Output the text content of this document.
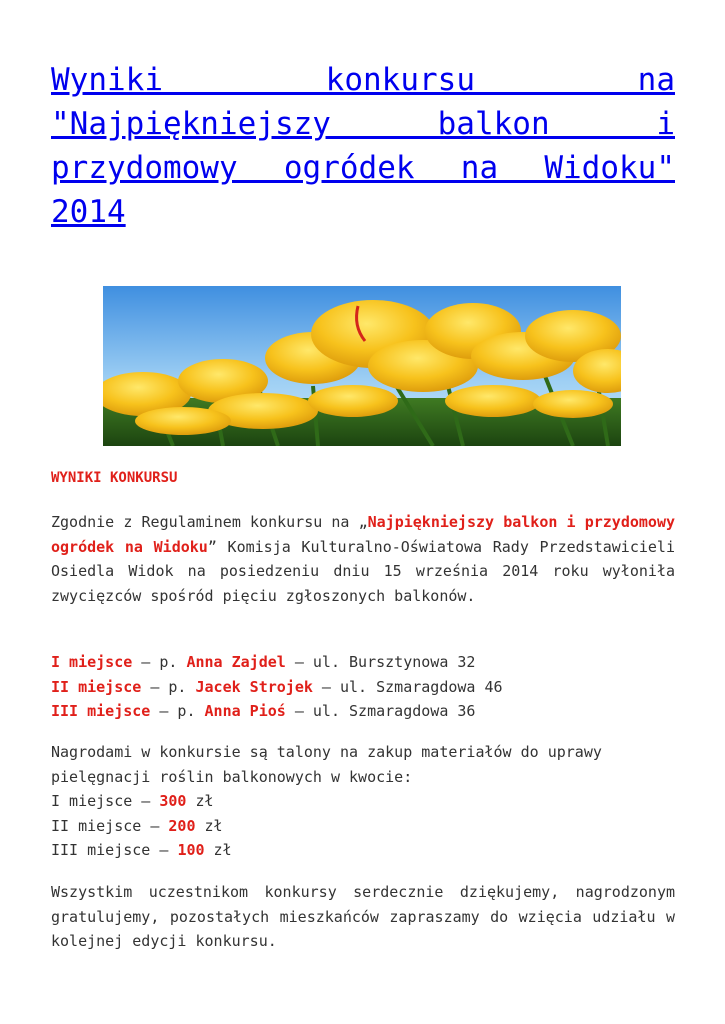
Wyniki konkursu na "Najpiękniejszy balkon i przydomowy ogródek na Widoku" 2014

WYNIKI KONKURSU

Zgodnie z Regulaminem konkursu na „Najpiękniejszy balkon i przydomowy ogródek na Widoku” Komisja Kulturalno-Oświatowa Rady Przedstawicieli Osiedla Widok na posiedzeniu dniu 15 września 2014 roku wyłoniła zwycięzców spośród pięciu zgłoszonych balkonów.

I miejsce – p. Anna Zajdel – ul. Bursztynowa 32
II miejsce – p. Jacek Strojek – ul. Szmaragdowa 46
III miejsce – p. Anna Pioś – ul. Szmaragdowa 36

Nagrodami w konkursie są talony na zakup materiałów do uprawy pielęgnacji roślin balkonowych w kwocie:
I miejsce – 300 zł
II miejsce – 200 zł
III miejsce – 100 zł

Wszystkim uczestnikom konkursy serdecznie dziękujemy, nagrodzonym gratulujemy, pozostałych mieszkańców zapraszamy do wzięcia udziału w kolejnej edycji konkursu.
